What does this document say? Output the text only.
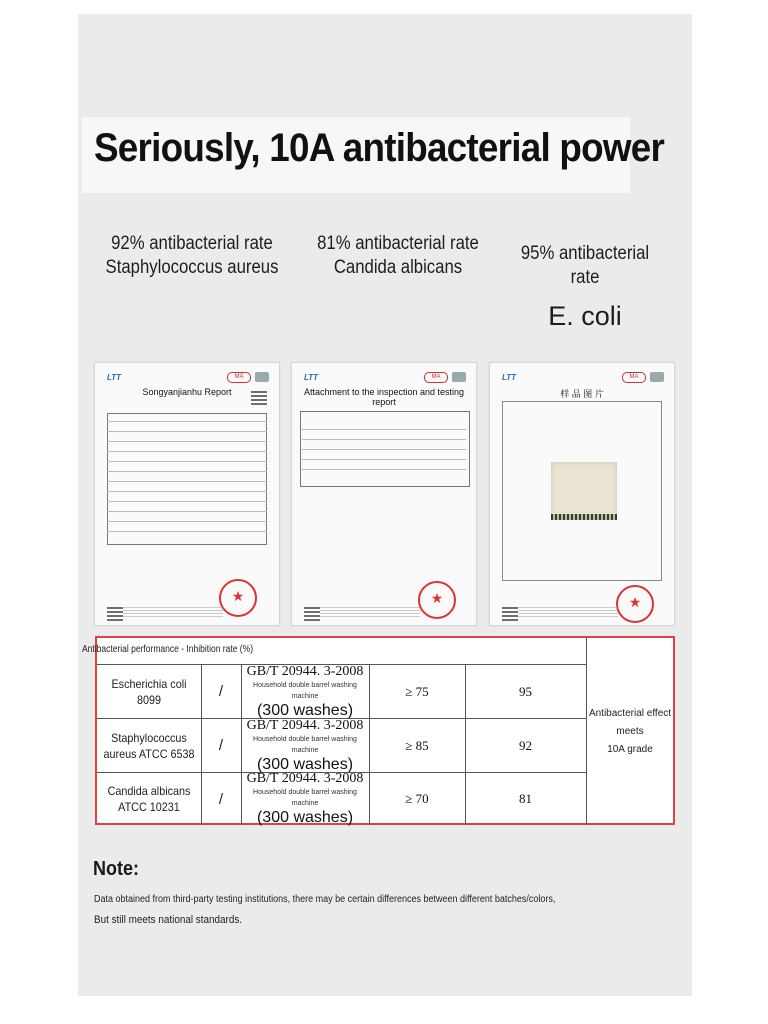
Seriously, 10A antibacterial power
92% antibacterial rate
Staphylococcus aureus
81% antibacterial rate
Candida albicans
95% antibacterial rate
E. coli
LTT	MA
Songyanjianhu Report
★
LTT	MA
Attachment to the inspection and testing report
★
LTT	MA
样 品 图 片
★
Escherichia coli 8099	/
GB/T 20944. 3-2008
Household double barrel washing machine
(300 washes)
≥ 75	95
Staphylococcus aureus ATCC 6538 /
GB/T 20944. 3-2008
Household double barrel washing machine
(300 washes)
≥ 85	92
Candida albicans ATCC 10231	/
GB/T 20944. 3-2008
Household double barrel washing machine
(300 washes)
≥ 70	81
Antibacterial effect meets
10A grade
Antibacterial performance - Inhibition rate (%)
Note:
Data obtained from third-party testing institutions, there may be certain differences between different batches/colors,
But still meets national standards.
